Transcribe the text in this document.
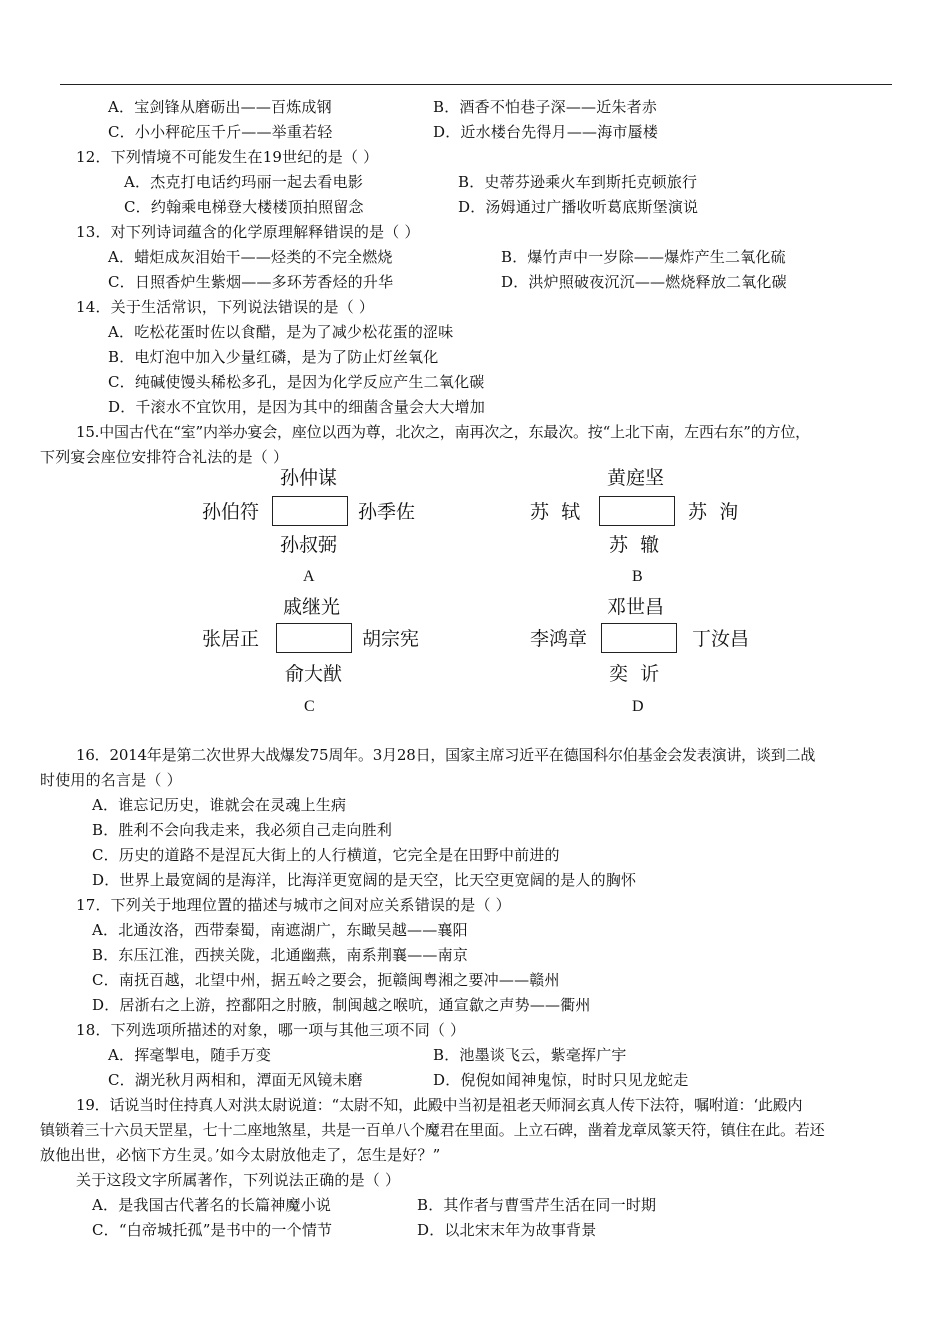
A．宝剑锋从磨砺出——百炼成钢	B．酒香不怕巷子深——近朱者赤
C．小小秤砣压千斤——举重若轻	D．近水楼台先得月——海市蜃楼
12．下列情境不可能发生在19世纪的是（ ）
A．杰克打电话约玛丽一起去看电影	B．史蒂芬逊乘火车到斯托克顿旅行
C．约翰乘电梯登大楼楼顶拍照留念	D．汤姆通过广播收听葛底斯堡演说
13．对下列诗词蕴含的化学原理解释错误的是（ ）
A．蜡炬成灰泪始干——烃类的不完全燃烧	B．爆竹声中一岁除——爆炸产生二氧化硫
C．日照香炉生紫烟——多环芳香烃的升华	D．洪炉照破夜沉沉——燃烧释放二氧化碳
14．关于生活常识，下列说法错误的是（ ）
A．吃松花蛋时佐以食醋，是为了减少松花蛋的涩味
B．电灯泡中加入少量红磷，是为了防止灯丝氧化
C．纯碱使馒头稀松多孔，是因为化学反应产生二氧化碳
D．千滚水不宜饮用，是因为其中的细菌含量会大大增加
15.中国古代在“室”内举办宴会，座位以西为尊，北次之，南再次之，东最次。按“上北下南，左西右东”的方位，
下列宴会座位安排符合礼法的是（ ）
孙仲谋
孙伯符	孙季佐
孙叔弼
A
黄庭坚
苏  轼	苏  洵
苏  辙
B
戚继光
张居正	胡宗宪
俞大猷
C
邓世昌
李鸿章	丁汝昌
奕  䜣
D
16．2014年是第二次世界大战爆发75周年。3月28日，国家主席习近平在德国科尔伯基金会发表演讲，谈到二战
时使用的名言是（ ）
A．谁忘记历史，谁就会在灵魂上生病
B．胜利不会向我走来，我必须自己走向胜利
C．历史的道路不是涅瓦大街上的人行横道，它完全是在田野中前进的
D．世界上最宽阔的是海洋，比海洋更宽阔的是天空，比天空更宽阔的是人的胸怀
17．下列关于地理位置的描述与城市之间对应关系错误的是（ ）
A．北通汝洛，西带秦蜀，南遮湖广，东瞰吴越——襄阳
B．东压江淮，西挟关陇，北通幽燕，南系荆襄——南京
C．南抚百越，北望中州，据五岭之要会，扼赣闽粤湘之要冲——赣州
D．居浙右之上游，控鄱阳之肘腋，制闽越之喉吭，通宣歙之声势——衢州
18．下列选项所描述的对象，哪一项与其他三项不同（ ）
A．挥毫掣电，随手万变	B．池墨谈飞云，紫毫挥广宇
C．湖光秋月两相和，潭面无风镜未磨	D．倪倪如闻神鬼惊，时时只见龙蛇走
19．话说当时住持真人对洪太尉说道：“太尉不知，此殿中当初是祖老天师洞玄真人传下法符，嘱咐道：‘此殿内
镇锁着三十六员天罡星，七十二座地煞星，共是一百单八个魔君在里面。上立石碑，凿着龙章凤篆天符，镇住在此。若还
放他出世，必恼下方生灵。’如今太尉放他走了，怎生是好？”
关于这段文字所属著作，下列说法正确的是（ ）
A．是我国古代著名的长篇神魔小说	B．其作者与曹雪芹生活在同一时期
C．“白帝城托孤”是书中的一个情节	D．以北宋末年为故事背景
